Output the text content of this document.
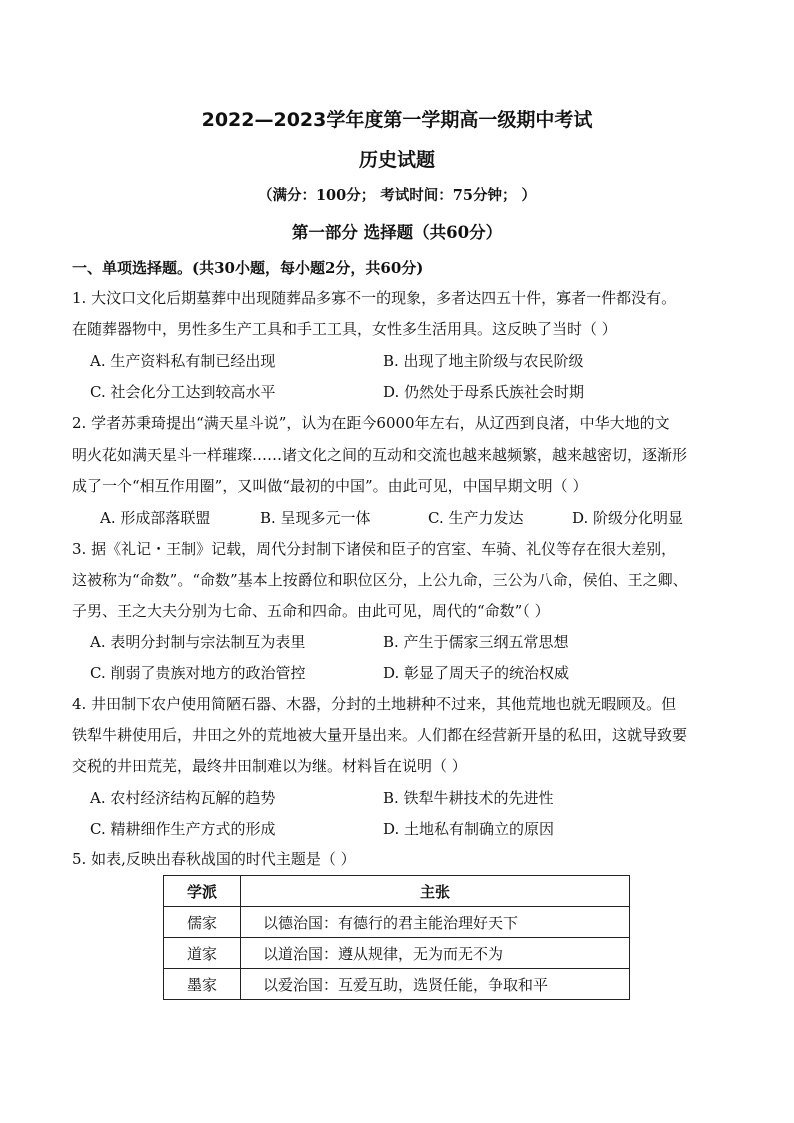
2022—2023学年度第一学期高一级期中考试
历史试题
（满分：100分； 考试时间：75分钟； ）
第一部分 选择题（共60分）
一、单项选择题。(共30小题，每小题2分，共60分)
1. 大汶口文化后期墓葬中出现随葬品多寡不一的现象，多者达四五十件，寡者一件都没有。
在随葬器物中，男性多生产工具和手工工具，女性多生活用具。这反映了当时（ ）
A. 生产资料私有制已经出现	B. 出现了地主阶级与农民阶级
C. 社会化分工达到较高水平	D. 仍然处于母系氏族社会时期
2. 学者苏秉琦提出“满天星斗说”，认为在距今6000年左右，从辽西到良渚，中华大地的文
明火花如满天星斗一样璀璨……诸文化之间的互动和交流也越来越频繁，越来越密切，逐渐形
成了一个“相互作用圈”，又叫做“最初的中国”。由此可见，中国早期文明（ ）
A. 形成部落联盟	B. 呈现多元一体	C. 生产力发达	D. 阶级分化明显
3. 据《礼记・王制》记载，周代分封制下诸侯和臣子的宫室、车骑、礼仪等存在很大差别，
这被称为“命数”。“命数”基本上按爵位和职位区分，上公九命，三公为八命，侯伯、王之卿、
子男、王之大夫分别为七命、五命和四命。由此可见，周代的“命数”（ ）
A. 表明分封制与宗法制互为表里	B. 产生于儒家三纲五常思想
C. 削弱了贵族对地方的政治管控	D. 彰显了周天子的统治权威
4. 井田制下农户使用简陋石器、木器，分封的土地耕种不过来，其他荒地也就无暇顾及。但
铁犁牛耕使用后，井田之外的荒地被大量开垦出来。人们都在经营新开垦的私田，这就导致要
交税的井田荒芜，最终井田制难以为继。材料旨在说明（ ）
A. 农村经济结构瓦解的趋势	B. 铁犁牛耕技术的先进性
C. 精耕细作生产方式的形成	D. 土地私有制确立的原因
5. 如表,反映出春秋战国的时代主题是（ ）
学派	主张
儒家	以德治国：有德行的君主能治理好天下
道家	以道治国：遵从规律，无为而无不为
墨家	以爱治国：互爱互助，选贤任能，争取和平
